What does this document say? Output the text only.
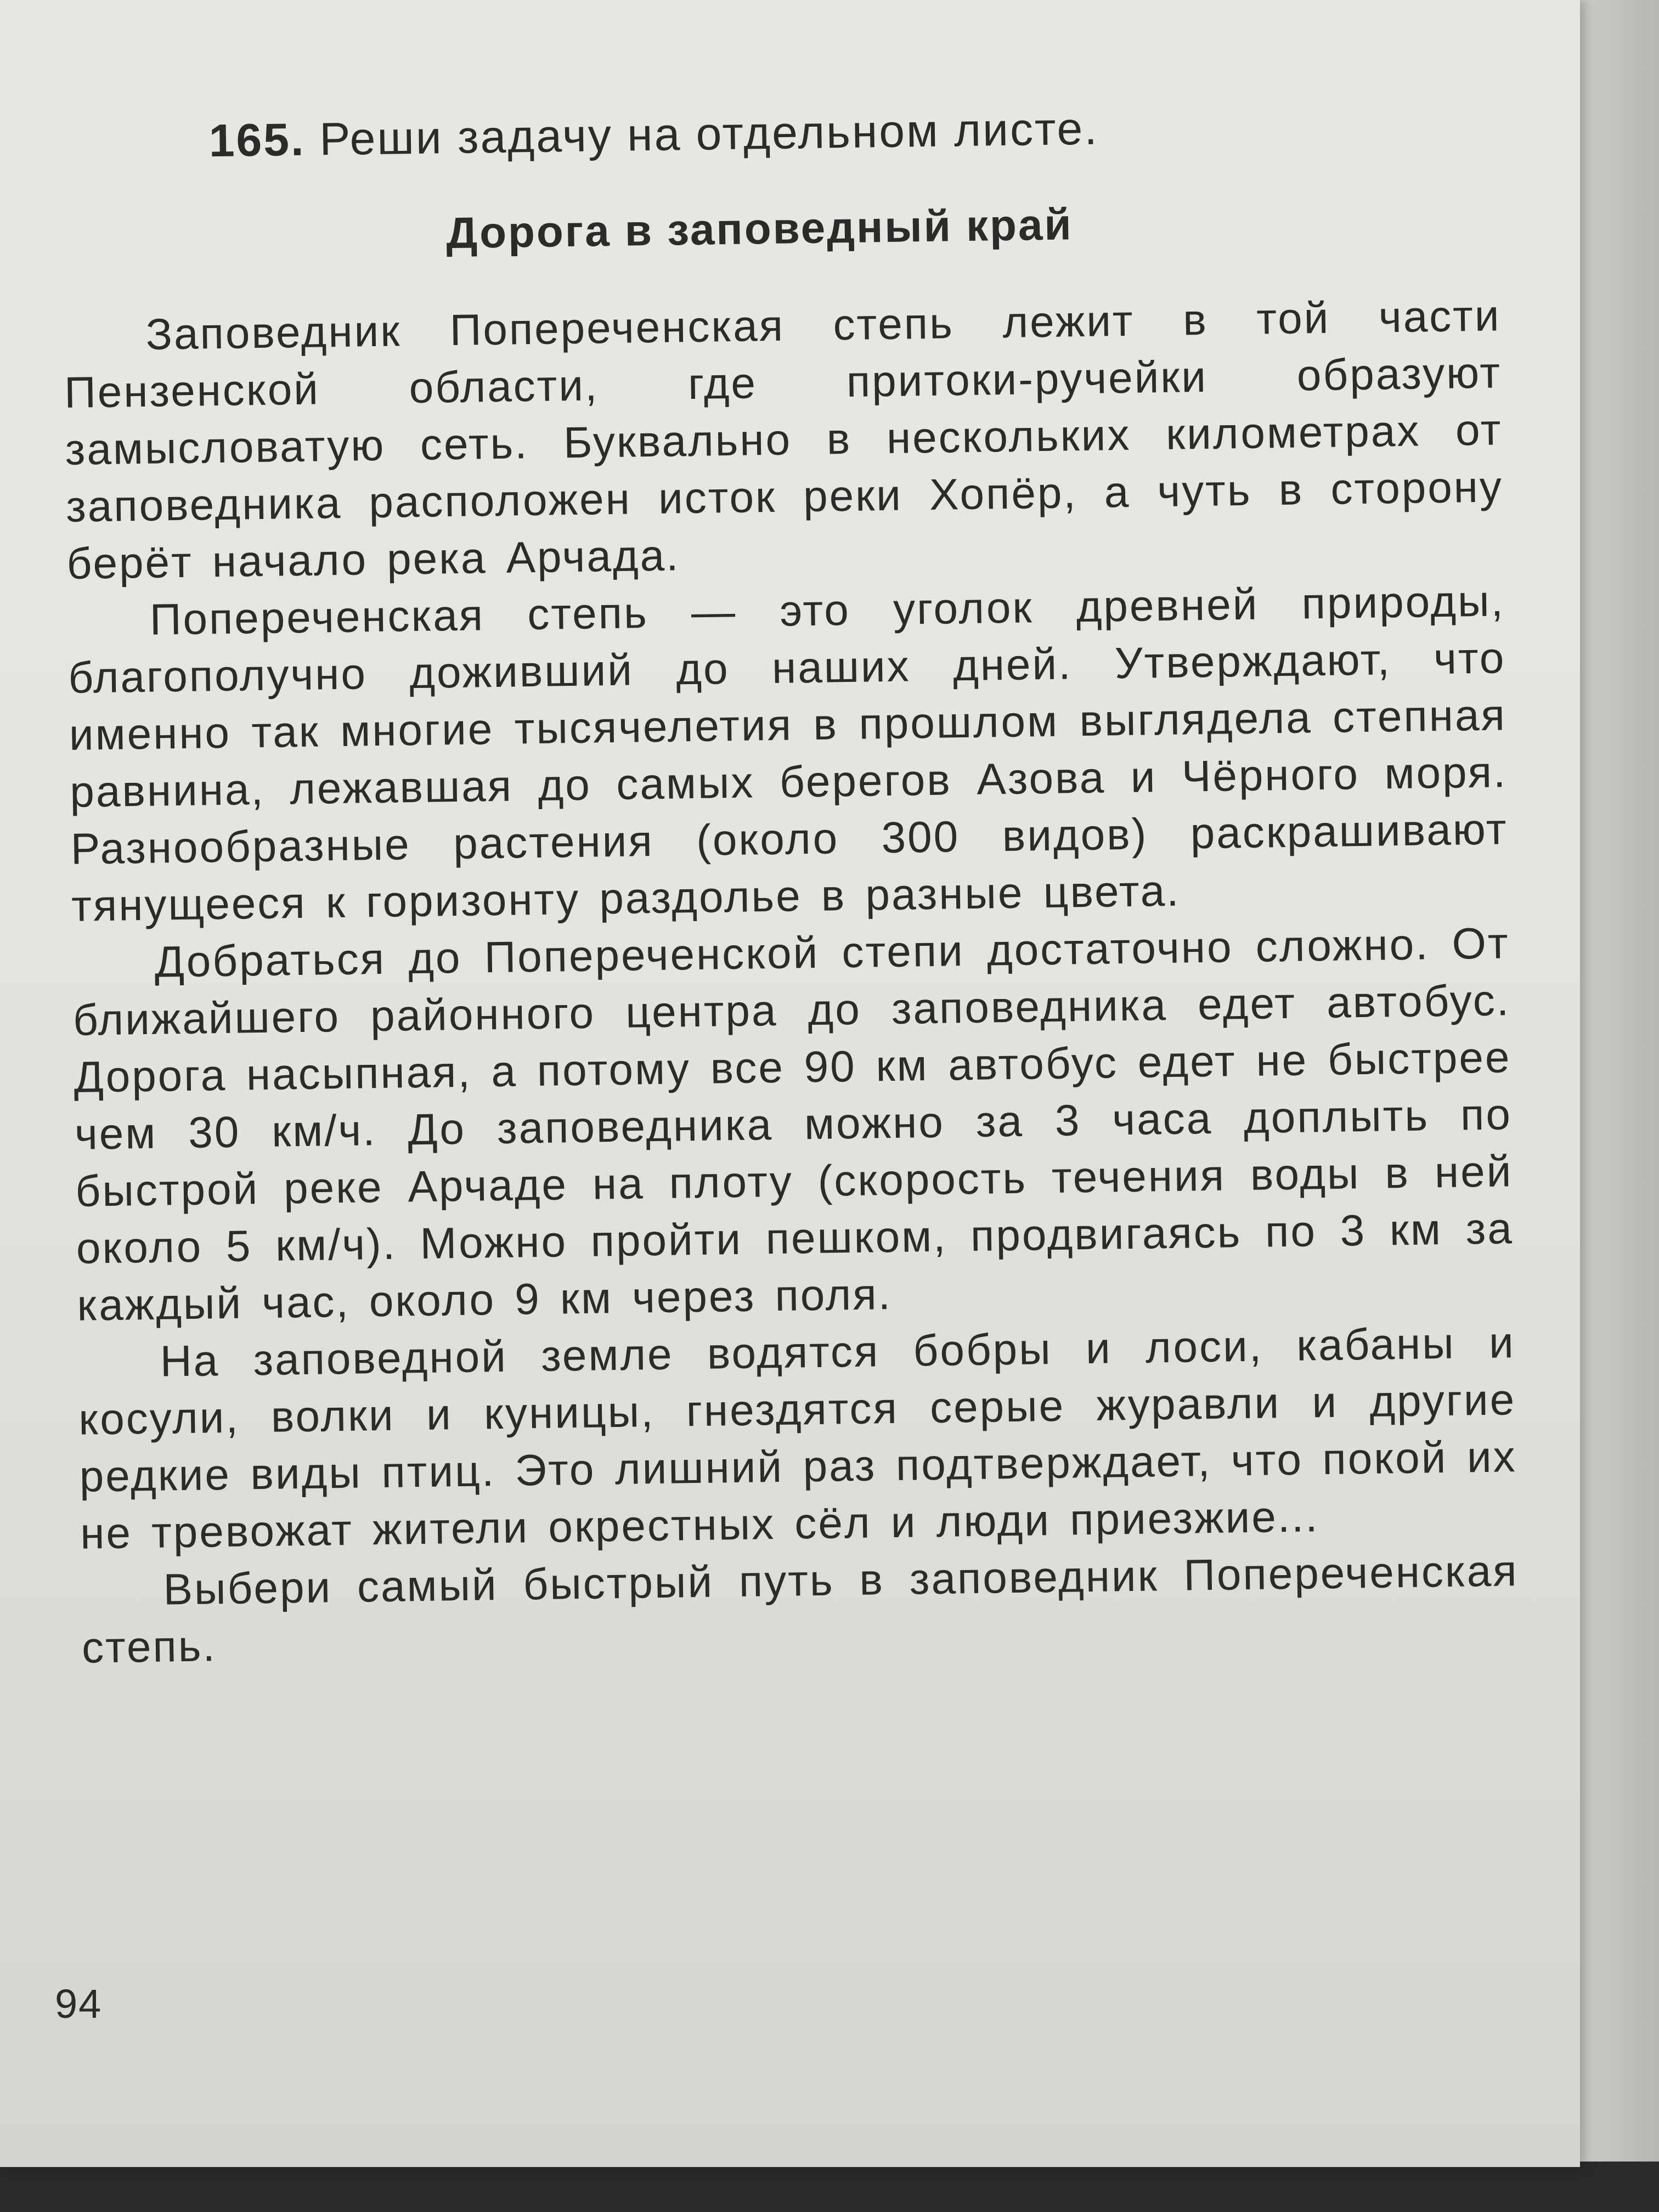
165. Реши задачу на отдельном листе.
Дорога в заповедный край

Заповедник Попереченская степь лежит в той части Пензенской области, где притоки-ручейки образуют замысловатую сеть. Буквально в нескольких километрах от заповедника расположен исток реки Хопёр, а чуть в сторону берёт начало река Арчада.

Попереченская степь — это уголок древней природы, благополучно доживший до наших дней. Утверждают, что именно так многие тысячелетия в прошлом выглядела степная равнина, лежавшая до самых берегов Азова и Чёрного моря. Разнообразные растения (около 300 видов) раскрашивают тянущееся к горизонту раздолье в разные цвета.

Добраться до Попереченской степи достаточно сложно. От ближайшего районного центра до заповедника едет автобус. Дорога насыпная, а потому все 90 км автобус едет не быстрее чем 30 км/ч. До заповедника можно за 3 часа доплыть по быстрой реке Арчаде на плоту (скорость течения воды в ней около 5 км/ч). Можно пройти пешком, продвигаясь по 3 км за каждый час, около 9 км через поля.

На заповедной земле водятся бобры и лоси, кабаны и косули, волки и куницы, гнездятся серые журавли и другие редкие виды птиц. Это лишний раз подтверждает, что покой их не тревожат жители окрестных сёл и люди приезжие...

Выбери самый быстрый путь в заповедник Попереченская степь.

94
